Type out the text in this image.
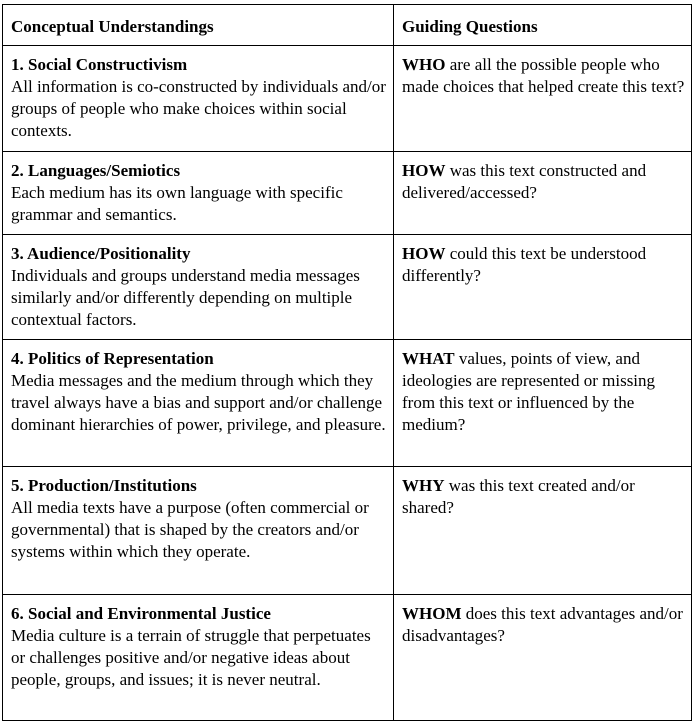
Conceptual Understandings	Guiding Questions
1. Social Constructivism
All information is co-constructed by individuals and/or groups of people who make choices within social contexts.	WHO are all the possible people who made choices that helped create this text?
2. Languages/Semiotics
Each medium has its own language with specific grammar and semantics.	HOW was this text constructed and delivered/accessed?
3. Audience/Positionality
Individuals and groups understand media messages similarly and/or differently depending on multiple contextual factors.	HOW could this text be understood differently?
4. Politics of Representation
Media messages and the medium through which they travel always have a bias and support and/or challenge dominant hierarchies of power, privilege, and pleasure.	WHAT values, points of view, and ideologies are represented or missing from this text or influenced by the medium?
5. Production/Institutions
All media texts have a purpose (often commercial or governmental) that is shaped by the creators and/or systems within which they operate.	WHY was this text created and/or shared?
6. Social and Environmental Justice
Media culture is a terrain of struggle that perpetuates or challenges positive and/or negative ideas about people, groups, and issues; it is never neutral.	WHOM does this text advantages and/or disadvantages?
